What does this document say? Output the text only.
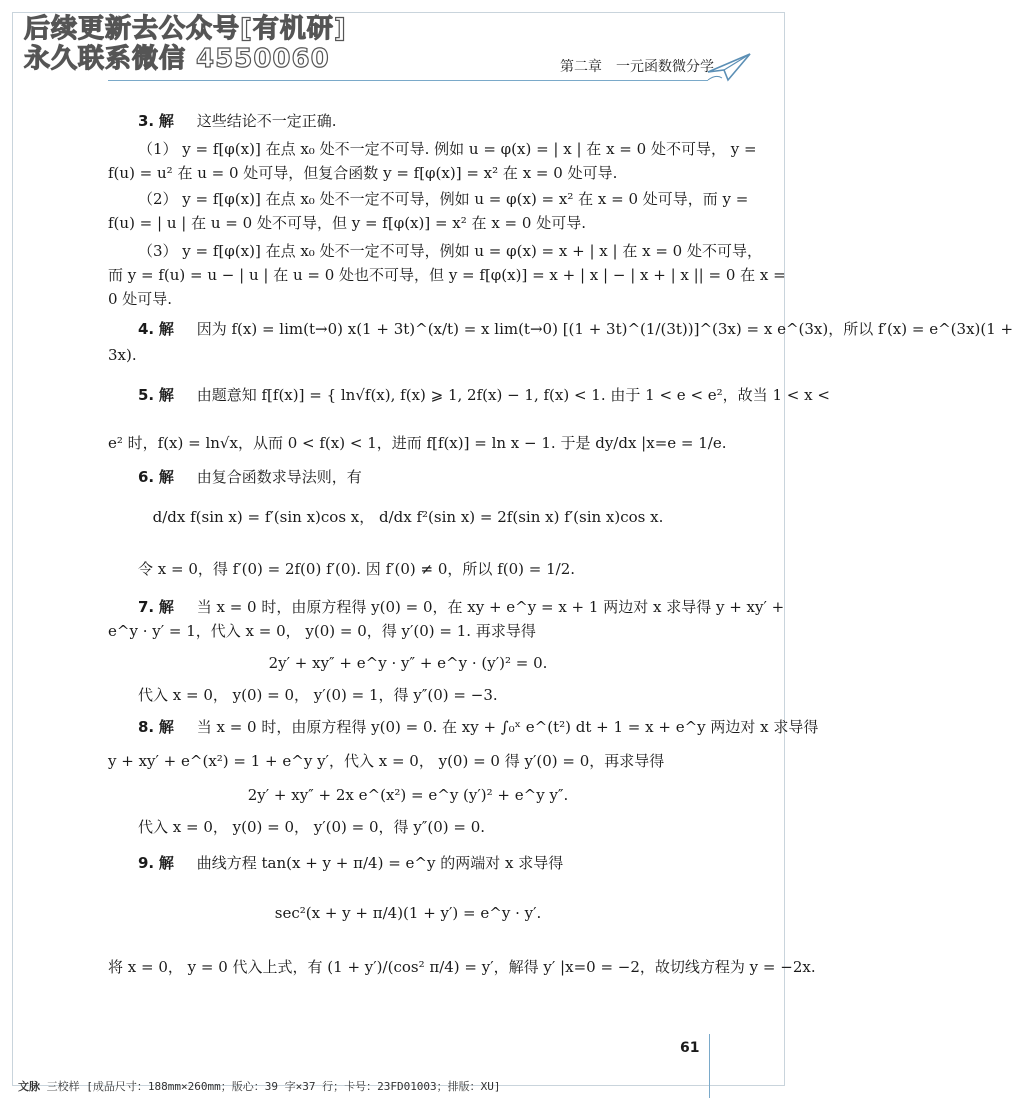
后续更新去公众号[有机研]
永久联系微信 4550060	第二章　一元函数微分学
3. 解 这些结论不一定正确.
（1） y = f[φ(x)] 在点 x₀ 处不一定不可导. 例如 u = φ(x) = | x | 在 x = 0 处不可导， y =
f(u) = u² 在 u = 0 处可导，但复合函数 y = f[φ(x)] = x² 在 x = 0 处可导.
（2） y = f[φ(x)] 在点 x₀ 处不一定不可导，例如 u = φ(x) = x² 在 x = 0 处可导，而 y =
f(u) = | u | 在 u = 0 处不可导，但 y = f[φ(x)] = x² 在 x = 0 处可导.
（3） y = f[φ(x)] 在点 x₀ 处不一定不可导，例如 u = φ(x) = x + | x | 在 x = 0 处不可导，
而 y = f(u) = u − | u | 在 u = 0 处也不可导，但 y = f[φ(x)] = x + | x | − | x + | x || = 0 在 x =
0 处可导.
4. 解 因为 f(x) = lim(t→0) x(1 + 3t)^(x/t) = x lim(t→0) [(1 + 3t)^(1/(3t))]^(3x) = x e^(3x)，所以 f′(x) = e^(3x)(1 +
3x).
5. 解 由题意知 f[f(x)] = { ln√f(x), f(x) ⩾ 1, 2f(x) − 1, f(x) < 1. 由于 1 < e < e²，故当 1 < x <
e² 时，f(x) = ln√x，从而 0 < f(x) < 1，进而 f[f(x)] = ln x − 1. 于是 dy/dx |x=e = 1/e.
6. 解 由复合函数求导法则，有
d/dx f(sin x) = f′(sin x)cos x， d/dx f²(sin x) = 2f(sin x) f′(sin x)cos x.
令 x = 0，得 f′(0) = 2f(0) f′(0). 因 f′(0) ≠ 0，所以 f(0) = 1/2.
7. 解 当 x = 0 时，由原方程得 y(0) = 0，在 xy + e^y = x + 1 两边对 x 求导得 y + xy′ +
e^y · y′ = 1，代入 x = 0， y(0) = 0，得 y′(0) = 1. 再求导得
2y′ + xy″ + e^y · y″ + e^y · (y′)² = 0.
代入 x = 0， y(0) = 0， y′(0) = 1，得 y″(0) = −3.
8. 解 当 x = 0 时，由原方程得 y(0) = 0. 在 xy + ∫₀ˣ e^(t²) dt + 1 = x + e^y 两边对 x 求导得
y + xy′ + e^(x²) = 1 + e^y y′，代入 x = 0， y(0) = 0 得 y′(0) = 0，再求导得
2y′ + xy″ + 2x e^(x²) = e^y (y′)² + e^y y″.
代入 x = 0， y(0) = 0， y′(0) = 0，得 y″(0) = 0.
9. 解 曲线方程 tan(x + y + π/4) = e^y 的两端对 x 求导得
sec²(x + y + π/4)(1 + y′) = e^y · y′.
将 x = 0， y = 0 代入上式，有 (1 + y′)/(cos² π/4) = y′，解得 y′ |x=0 = −2，故切线方程为 y = −2x.
61
文脉 三校样 [成品尺寸：188mm×260mm；版心：39 字×37 行；卡号：23FD01003；排版：XU]
